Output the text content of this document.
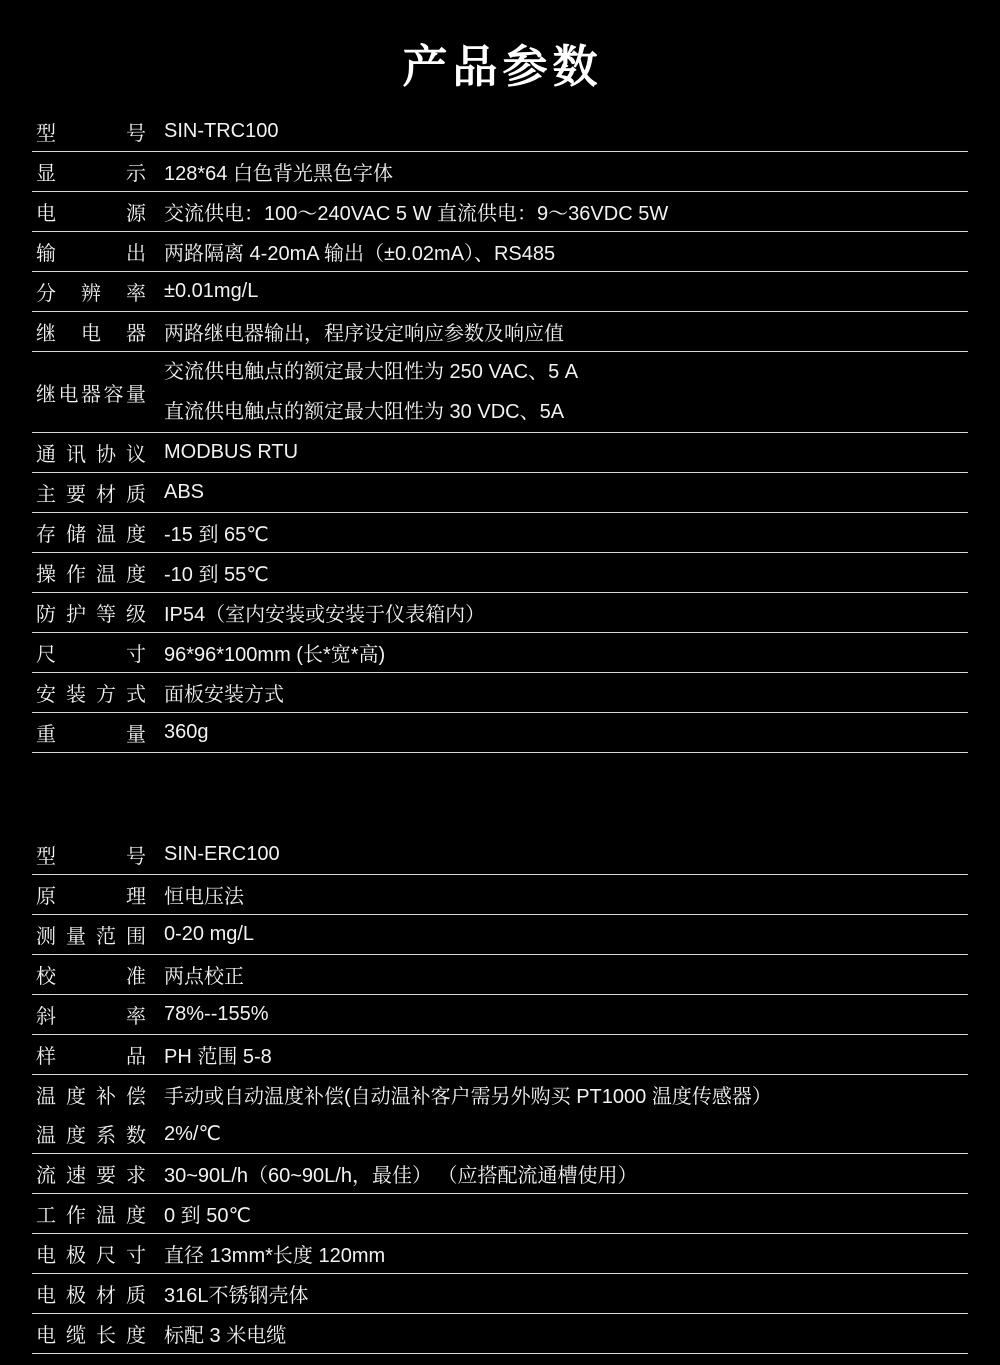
产品参数
型号 SIN-TRC100
显示 128*64 白色背光黑色字体
电源 交流供电：100～240VAC 5 W 直流供电：9～36VDC 5W
输出 两路隔离 4-20mA 输出（±0.02mA）、RS485
分辨率 ±0.01mg/L
继电器 两路继电器输出，程序设定响应参数及响应值
继电器容量
交流供电触点的额定最大阻性为 250 VAC、5 A
直流供电触点的额定最大阻性为 30 VDC、5A
通讯协议 MODBUS RTU
主要材质 ABS
存储温度 -15 到 65℃
操作温度 -10 到 55℃
防护等级 IP54（室内安装或安装于仪表箱内）
尺寸 96*96*100mm (长*宽*高)
安装方式 面板安装方式
重量 360g
型号 SIN-ERC100
原理 恒电压法
测量范围 0-20 mg/L
校准 两点校正
斜率 78%--155%
样品 PH 范围 5-8
温度补偿 手动或自动温度补偿(自动温补客户需另外购买 PT1000 温度传感器）
温度系数 2%/℃
流速要求 30~90L/h（60~90L/h，最佳） （应搭配流通槽使用）
工作温度 0 到 50℃
电极尺寸 直径 13mm*长度 120mm
电极材质 316L不锈钢壳体
电缆长度 标配 3 米电缆
